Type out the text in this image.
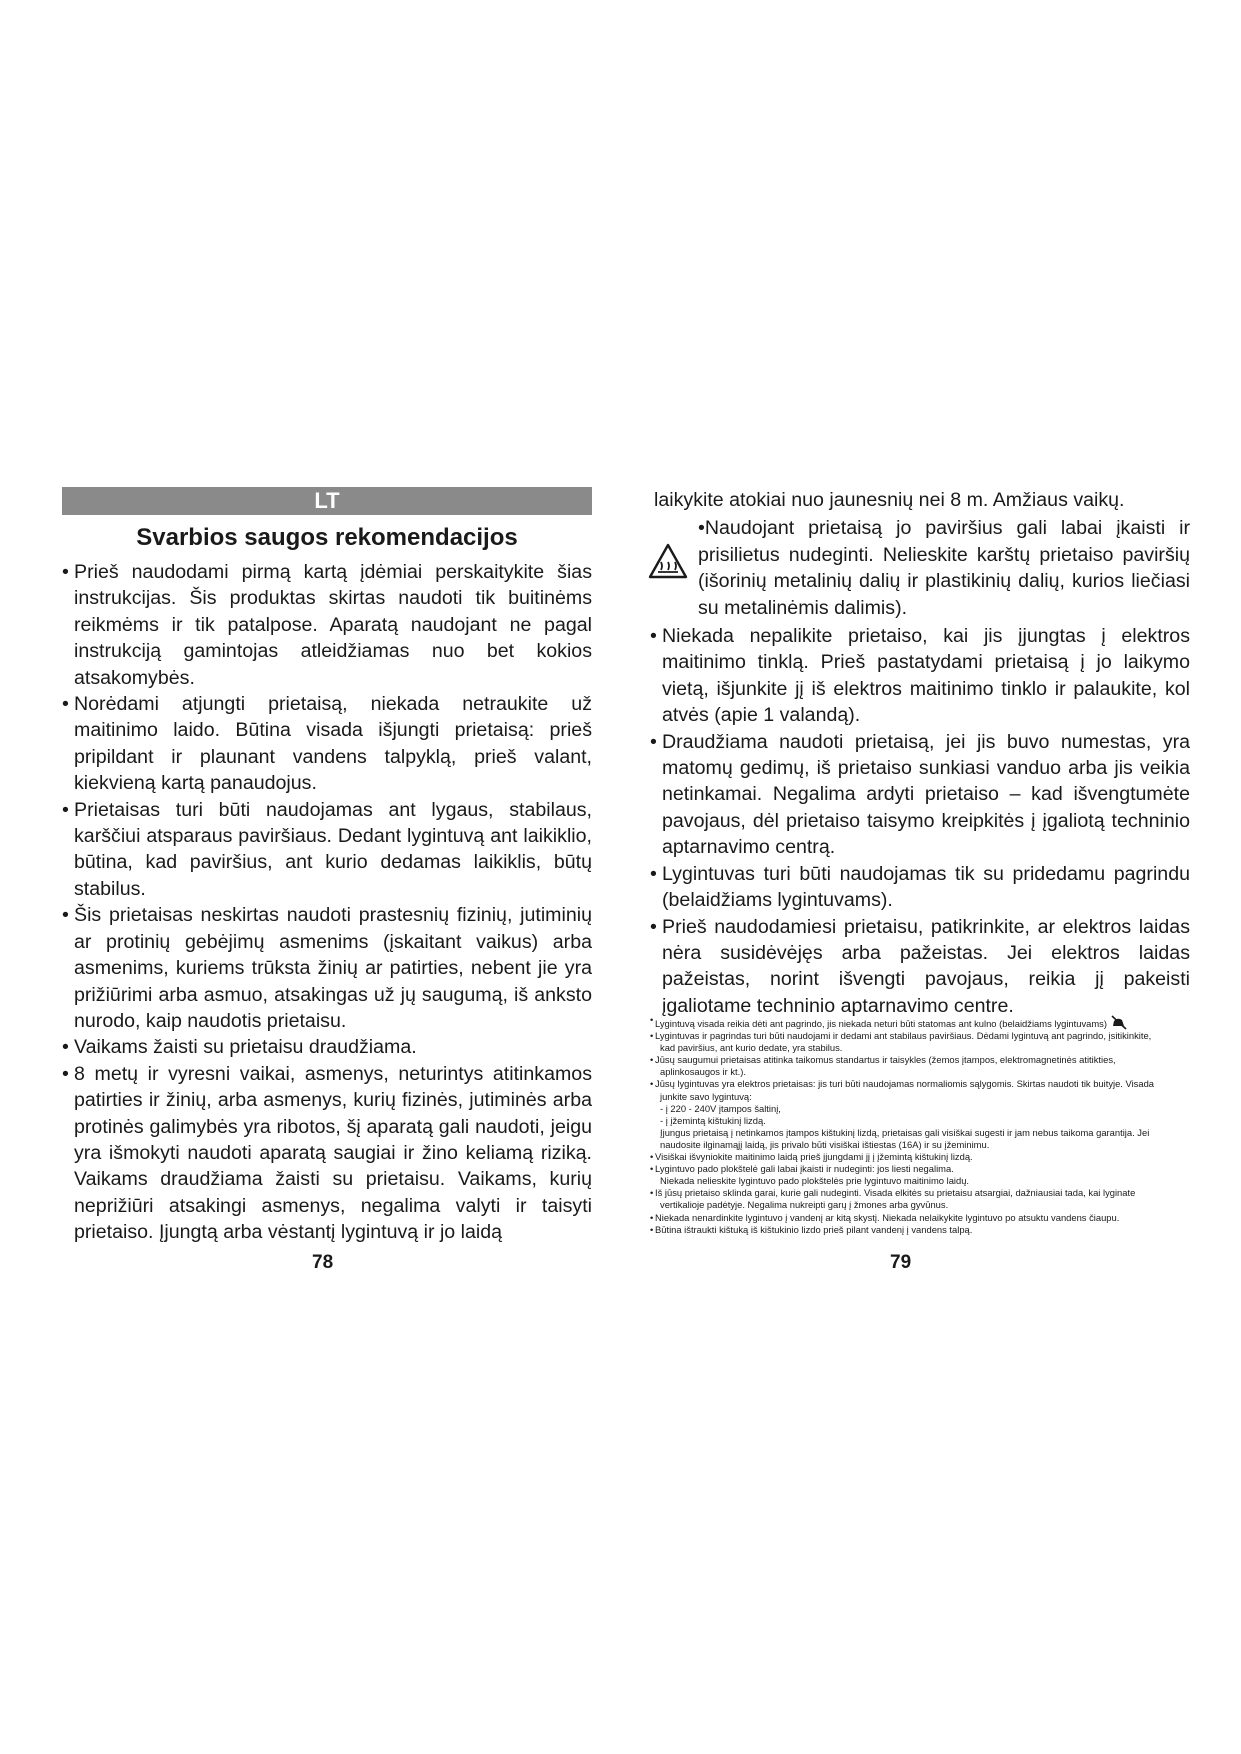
LT
Svarbios saugos rekomendacijos

• Prieš naudodami pirmą kartą įdėmiai perskaitykite šias instrukcijas. Šis produktas skirtas naudoti tik buitinėms reikmėms ir tik patalpose. Aparatą naudojant ne pagal instrukciją gamintojas atleidžiamas nuo bet kokios atsakomybės.

• Norėdami atjungti prietaisą, niekada netraukite už maitinimo laido. Būtina visada išjungti prietaisą: prieš pripildant ir plaunant vandens talpyklą, prieš valant, kiekvieną kartą panaudojus.

• Prietaisas turi būti naudojamas ant lygaus, stabilaus, karščiui atsparaus paviršiaus. Dedant lygintuvą ant laikiklio, būtina, kad paviršius, ant kurio dedamas laikiklis, būtų stabilus.

• Šis prietaisas neskirtas naudoti prastesnių fizinių, jutiminių ar protinių gebėjimų asmenims (įskaitant vaikus) arba asmenims, kuriems trūksta žinių ar patirties, nebent jie yra prižiūrimi arba asmuo, atsakingas už jų saugumą, iš anksto nurodo, kaip naudotis prietaisu.

• Vaikams žaisti su prietaisu draudžiama.

• 8 metų ir vyresni vaikai, asmenys, neturintys atitinkamos patirties ir žinių, arba asmenys, kurių fizinės, jutiminės arba protinės galimybės yra ribotos, šį aparatą gali naudoti, jeigu yra išmokyti naudoti aparatą saugiai ir žino keliamą riziką. Vaikams draudžiama žaisti su prietaisu. Vaikams, kurių neprižiūri atsakingi asmenys, negalima valyti ir taisyti prietaiso. Įjungtą arba vėstantį lygintuvą ir jo laidą

78

laikykite atokiai nuo jaunesnių nei 8 m. Amžiaus vaikų.

•Naudojant prietaisą jo paviršius gali labai įkaisti ir prisilietus nudeginti. Nelieskite karštų prietaiso paviršių (išorinių metalinių dalių ir plastikinių dalių, kurios liečiasi su metalinėmis dalimis).

• Niekada nepalikite prietaiso, kai jis įjungtas į elektros maitinimo tinklą. Prieš pastatydami prietaisą į jo laikymo vietą, išjunkite jį iš elektros maitinimo tinklo ir palaukite, kol atvės (apie 1 valandą).

• Draudžiama naudoti prietaisą, jei jis buvo numestas, yra matomų gedimų, iš prietaiso sunkiasi vanduo arba jis veikia netinkamai. Negalima ardyti prietaiso – kad išvengtumėte pavojaus, dėl prietaiso taisymo kreipkitės į įgaliotą techninio aptarnavimo centrą.

• Lygintuvas turi būti naudojamas tik su pridedamu pagrindu (belaidžiams lygintuvams).

• Prieš naudodamiesi prietaisu, patikrinkite, ar elektros laidas nėra susidėvėjęs arba pažeistas. Jei elektros laidas pažeistas, norint išvengti pavojaus, reikia jį pakeisti įgaliotame techninio aptarnavimo centre.

• Lygintuvą visada reikia dėti ant pagrindo, jis niekada neturi būti statomas ant kulno (belaidžiams lygintuvams)

• Lygintuvas ir pagrindas turi būti naudojami ir dedami ant stabilaus paviršiaus. Dėdami lygintuvą ant pagrindo, įsitikinkite,

kad paviršius, ant kurio dedate, yra stabilus.

• Jūsų saugumui prietaisas atitinka taikomus standartus ir taisykles (žemos įtampos, elektromagnetinės atitikties,

aplinkosaugos ir kt.).

• Jūsų lygintuvas yra elektros prietaisas: jis turi būti naudojamas normaliomis sąlygomis. Skirtas naudoti tik buityje. Visada

junkite savo lygintuvą:

- į 220 - 240V įtampos šaltinį,

- į įžemintą kištukinį lizdą.

Įjungus prietaisą į netinkamos įtampos kištukinį lizdą, prietaisas gali visiškai sugesti ir jam nebus taikoma garantija. Jei

naudosite ilginamąjį laidą, jis privalo būti visiškai ištiestas (16A) ir su įžeminimu.

• Visiškai išvyniokite maitinimo laidą prieš įjungdami jį į įžemintą kištukinį lizdą.

• Lygintuvo pado plokštelė gali labai įkaisti ir nudeginti: jos liesti negalima.

Niekada nelieskite lygintuvo pado plokštelės prie lygintuvo maitinimo laidų.

• Iš jūsų prietaiso sklinda garai, kurie gali nudeginti. Visada elkitės su prietaisu atsargiai, dažniausiai tada, kai lyginate

vertikalioje padėtyje. Negalima nukreipti garų į žmones arba gyvūnus.

• Niekada nenardinkite lygintuvo į vandenį ar kitą skystį. Niekada nelaikykite lygintuvo po atsuktu vandens čiaupu.

• Būtina ištraukti kištuką iš kištukinio lizdo prieš pilant vandenį į vandens talpą.

79
